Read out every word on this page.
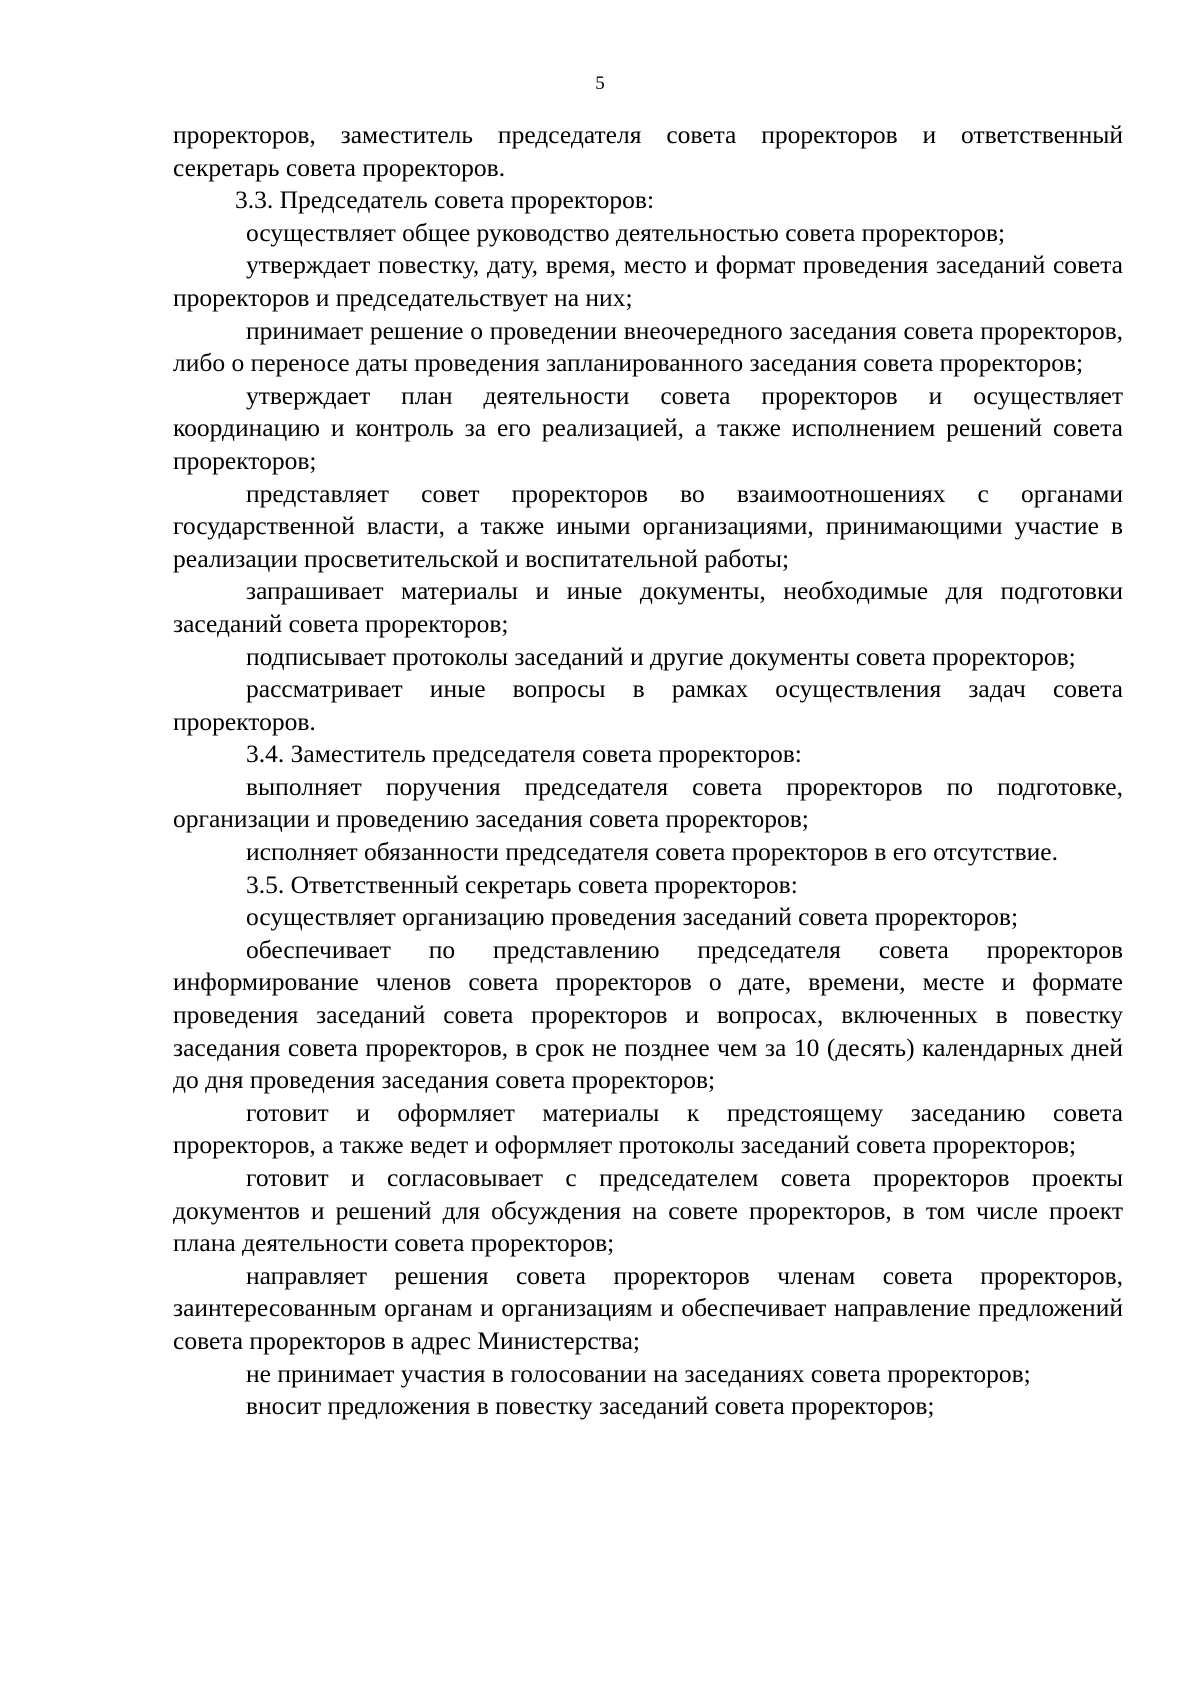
5

проректоров, заместитель председателя совета проректоров и ответственный секретарь совета проректоров.

3.3. Председатель совета проректоров:

осуществляет общее руководство деятельностью совета проректоров;

утверждает повестку, дату, время, место и формат проведения заседаний совета проректоров и председательствует на них;

принимает решение о проведении внеочередного заседания совета проректоров, либо о переносе даты проведения запланированного заседания совета проректоров;

утверждает план деятельности совета проректоров и осуществляет координацию и контроль за его реализацией, а также исполнением решений совета проректоров;

представляет совет проректоров во взаимоотношениях с органами государственной власти, а также иными организациями, принимающими участие в реализации просветительской и воспитательной работы;

запрашивает материалы и иные документы, необходимые для подготовки заседаний совета проректоров;

подписывает протоколы заседаний и другие документы совета проректоров;

рассматривает иные вопросы в рамках осуществления задач совета проректоров.

3.4. Заместитель председателя совета проректоров:

выполняет поручения председателя совета проректоров по подготовке, организации и проведению заседания совета проректоров;

исполняет обязанности председателя совета проректоров в его отсутствие.

3.5. Ответственный секретарь совета проректоров:

осуществляет организацию проведения заседаний совета проректоров;

обеспечивает по представлению председателя совета проректоров информирование членов совета проректоров о дате, времени, месте и формате проведения заседаний совета проректоров и вопросах, включенных в повестку заседания совета проректоров, в срок не позднее чем за 10 (десять) календарных дней до дня проведения заседания совета проректоров;

готовит и оформляет материалы к предстоящему заседанию совета проректоров, а также ведет и оформляет протоколы заседаний совета проректоров;

готовит и согласовывает с председателем совета проректоров проекты документов и решений для обсуждения на совете проректоров, в том числе проект плана деятельности совета проректоров;

направляет решения совета проректоров членам совета проректоров, заинтересованным органам и организациям и обеспечивает направление предложений совета проректоров в адрес Министерства;

не принимает участия в голосовании на заседаниях совета проректоров;

вносит предложения в повестку заседаний совета проректоров;
